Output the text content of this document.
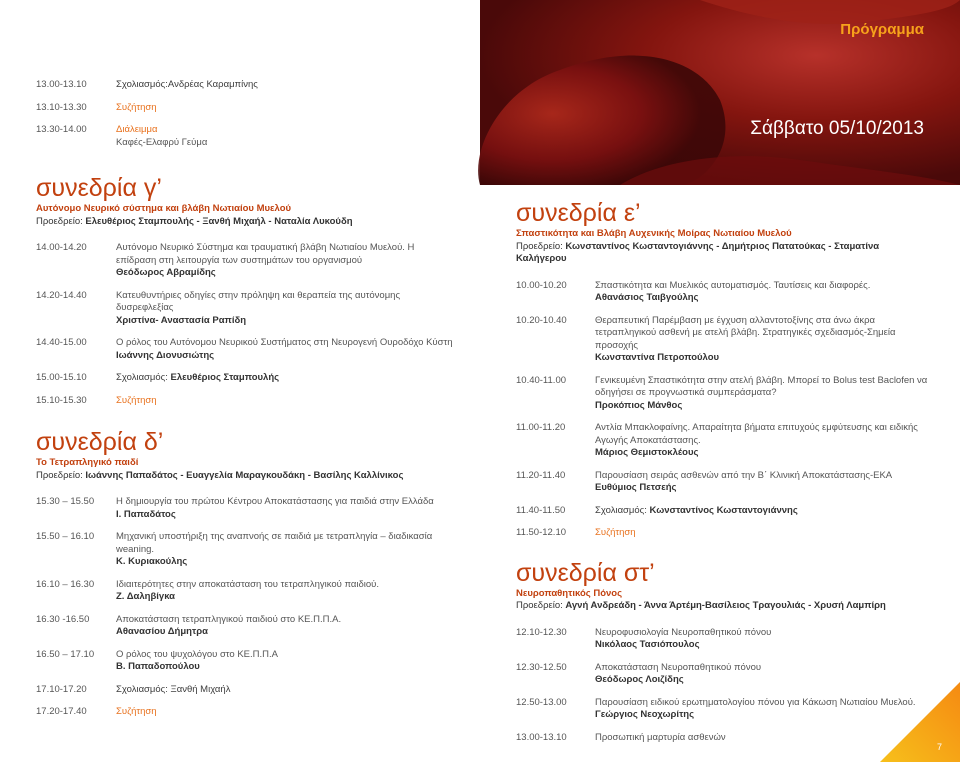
Πρόγραμμα
Σάββατο 05/10/2013
13.00-13.10	Σχολιασμός:Ανδρέας Καραμπίνης
13.10-13.30	Συζήτηση
13.30-14.00	Διάλειμμα
Καφές-Ελαφρύ Γεύμα
συνεδρία γ’
Αυτόνομο Νευρικό σύστημα και βλάβη Νωτιαίου Μυελού
Προεδρείο: Ελευθέριος Σταμπουλής - Ξανθή Μιχαήλ - Ναταλία Λυκούδη
14.00-14.20	Αυτόνομο Νευρικό Σύστημα και τραυματική βλάβη Νωτιαίου Μυελού. Η επίδραση στη λειτουργία των συστημάτων του οργανισμού
Θεόδωρος Αβραμίδης
14.20-14.40	Κατευθυντήριες οδηγίες στην πρόληψη και θεραπεία της αυτόνομης δυσρεφλεξίας
Χριστίνα- Αναστασία Ραπίδη
14.40-15.00	Ο ρόλος του Αυτόνομου Νευρικού Συστήματος στη Νευρογενή Ουροδόχο Κύστη
Ιωάννης Διονυσιώτης
15.00-15.10	Σχολιασμός: Ελευθέριος Σταμπουλής
15.10-15.30	Συζήτηση
συνεδρία δ’
Το Τετραπληγικό παιδί
Προεδρείο: Ιωάννης Παπαδάτος - Ευαγγελία Μαραγκουδάκη - Βασίλης Καλλίνικος
15.30 – 15.50	Η δημιουργία του πρώτου Κέντρου Αποκατάστασης για παιδιά στην Ελλάδα
Ι. Παπαδάτος
15.50 – 16.10	Μηχανική υποστήριξη της αναπνοής σε παιδιά με τετραπληγία – διαδικασία weaning.
Κ. Κυριακούλης
16.10 – 16.30	Ιδιαιτερότητες στην αποκατάσταση του τετραπληγικού παιδιού.
Ζ. Δαληβίγκα
16.30 -16.50	Αποκατάσταση τετραπληγικού παιδιού στο ΚΕ.Π.Π.Α.
Αθανασίου Δήμητρα
16.50 – 17.10	Ο ρόλος του ψυχολόγου στο ΚΕ.Π.Π.Α
Β. Παπαδοπούλου
17.10-17.20	Σχολιασμός: Ξανθή Μιχαήλ
17.20-17.40	Συζήτηση
συνεδρία ε’
Σπαστικότητα και Βλάβη Αυχενικής Μοίρας Νωτιαίου Μυελού
Προεδρείο: Κωνσταντίνος Κωσταντογιάννης - Δημήτριος Πατατούκας - Σταματίνα Καλήγερου
10.00-10.20	Σπαστικότητα και Μυελικός αυτοματισμός. Ταυτίσεις και διαφορές.
Αθανάσιος Ταιβγούλης
10.20-10.40	Θεραπευτική Παρέμβαση με έγχυση αλλαντοτοξίνης στα άνω άκρα τετραπληγικού ασθενή με ατελή βλάβη. Στρατηγικές σχεδιασμός-Σημεία προσοχής
Κωνσταντίνα Πετροπούλου
10.40-11.00	Γενικευμένη Σπαστικότητα στην ατελή βλάβη. Μπορεί το Bolus test Baclofen να οδηγήσει σε προγνωστικά συμπεράσματα?
Προκόπιος Μάνθος
11.00-11.20	Αντλία Μπακλοφαίνης. Απαραίτητα βήματα επιτυχούς εμφύτευσης και ειδικής Αγωγής Αποκατάστασης.
Μάριος Θεμιστοκλέους
11.20-11.40	Παρουσίαση σειράς ασθενών από την Β΄ Κλινική Αποκατάστασης-ΕΚΑ
Ευθύμιος Πετσεής
11.40-11.50	Σχολιασμός: Κωνσταντίνος Κωσταντογιάννης
11.50-12.10	Συζήτηση
συνεδρία στ’
Νευροπαθητικός Πόνος
Προεδρείο: Αγνή Ανδρεάδη - Άννα Άρτέμη-Βασίλειος Τραγουλιάς - Χρυσή Λαμπίρη
12.10-12.30	Νευροφυσιολογία Νευροπαθητικού πόνου
Νικόλαος Τασιόπουλος
12.30-12.50	Αποκατάσταση Νευροπαθητικού πόνου
Θεόδωρος Λοιζίδης
12.50-13.00	Παρουσίαση ειδικού ερωτηματολογίου πόνου για Κάκωση Νωτιαίου Μυελού.
Γεώργιος Νεοχωρίτης
13.00-13.10	Προσωπική μαρτυρία ασθενών
7
